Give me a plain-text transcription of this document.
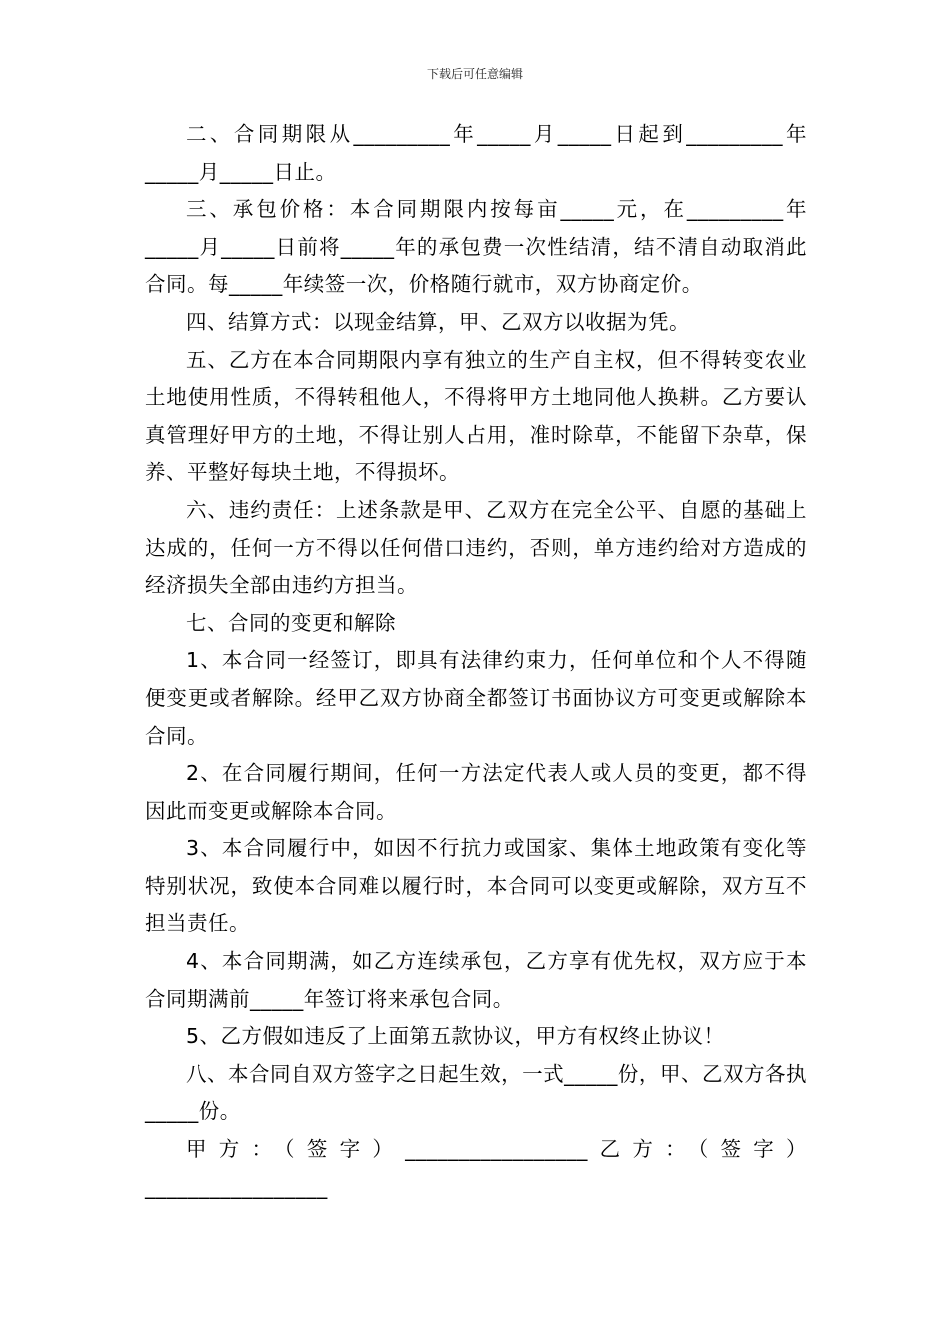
下载后可任意编辑

二、合同期限从_________年_____月_____日起到_________年_____月_____日止。

三、承包价格：本合同期限内按每亩_____元，在_________年_____月_____日前将_____年的承包费一次性结清，结不清自动取消此合同。每_____年续签一次，价格随行就市，双方协商定价。

四、结算方式：以现金结算，甲、乙双方以收据为凭。

五、乙方在本合同期限内享有独立的生产自主权，但不得转变农业土地使用性质，不得转租他人，不得将甲方土地同他人换耕。乙方要认真管理好甲方的土地，不得让别人占用，准时除草，不能留下杂草，保养、平整好每块土地，不得损坏。

六、违约责任：上述条款是甲、乙双方在完全公平、自愿的基础上达成的，任何一方不得以任何借口违约，否则，单方违约给对方造成的经济损失全部由违约方担当。

七、合同的变更和解除

1、本合同一经签订，即具有法律约束力，任何单位和个人不得随便变更或者解除。经甲乙双方协商全都签订书面协议方可变更或解除本合同。

2、在合同履行期间，任何一方法定代表人或人员的变更，都不得因此而变更或解除本合同。

3、本合同履行中，如因不行抗力或国家、集体土地政策有变化等特别状况，致使本合同难以履行时，本合同可以变更或解除，双方互不担当责任。

4、本合同期满，如乙方连续承包，乙方享有优先权，双方应于本合同期满前_____年签订将来承包合同。

5、乙方假如违反了上面第五款协议，甲方有权终止协议！

八、本合同自双方签字之日起生效，一式_____份，甲、乙双方各执_____份。

甲方：（签字）_________________乙方：（签字）_________________
